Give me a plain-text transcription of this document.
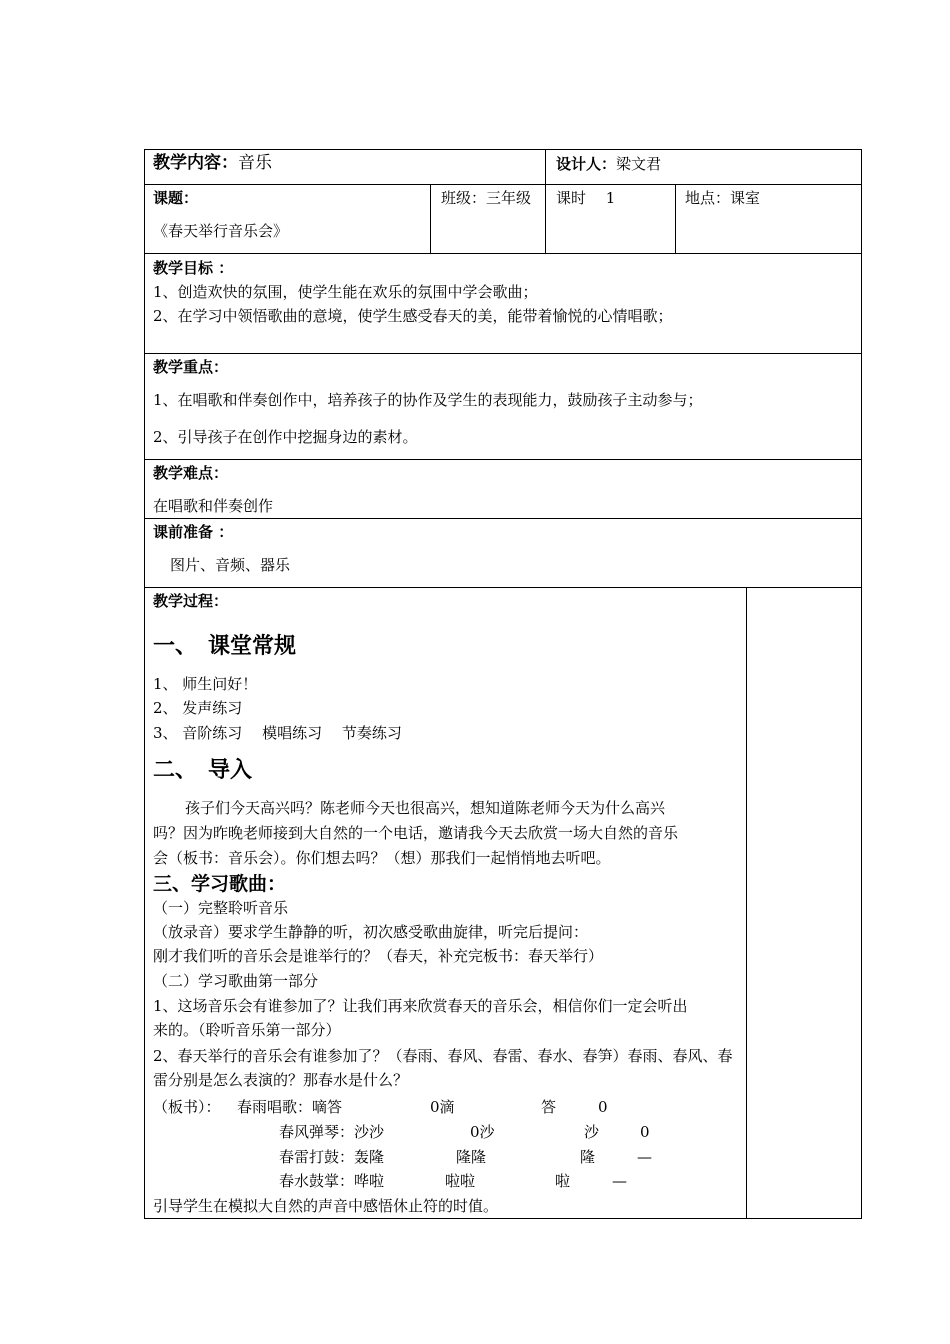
教学内容：音乐	设计人：梁文君
课题：
《春天举行音乐会》
班级：三年级 课时　 1	地点：课室
教学目标 ：
1、创造欢快的氛围，使学生能在欢乐的氛围中学会歌曲；
2、在学习中领悟歌曲的意境，使学生感受春天的美，能带着愉悦的心情唱歌；
教学重点：
1、在唱歌和伴奏创作中，培养孩子的协作及学生的表现能力，鼓励孩子主动参与；
2、引导孩子在创作中挖掘身边的素材。
教学难点：
在唱歌和伴奏创作
课前准备 ：
图片、音频、器乐
教学过程：
一、　课堂常规
1、 师生问好！
2、 发声练习
3、 音阶练习　 模唱练习　 节奏练习
二、　导入
孩子们今天高兴吗？陈老师今天也很高兴，想知道陈老师今天为什么高兴
吗？因为昨晚老师接到大自然的一个电话，邀请我今天去欣赏一场大自然的音乐
会（板书：音乐会）。你们想去吗？（想）那我们一起悄悄地去听吧。
三、学习歌曲：
（一）完整聆听音乐
（放录音）要求学生静静的听，初次感受歌曲旋律，听完后提问：
刚才我们听的音乐会是谁举行的？（春天，补充完板书：春天举行）
（二）学习歌曲第一部分
1、这场音乐会有谁参加了？让我们再来欣赏春天的音乐会，相信你们一定会听出
来的。（聆听音乐第一部分）
2、春天举行的音乐会有谁参加了？（春雨、春风、春雷、春水、春笋）春雨、春风、春
雷分别是怎么表演的？那春水是什么？
（板书）： 春雨唱歌：嘀答	0滴	答	0
春风弹琴：沙沙	0沙	沙	0
春雷打鼓：轰隆	隆隆	隆	—
春水鼓掌：哗啦	啦啦	啦	—
引导学生在模拟大自然的声音中感悟休止符的时值。
